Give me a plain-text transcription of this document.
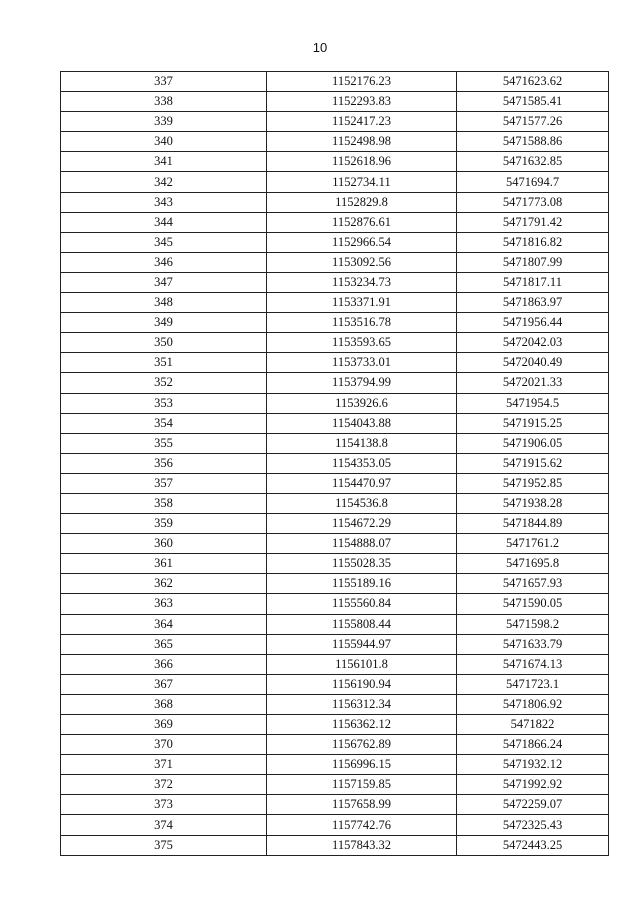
10
337	1152176.23	5471623.62
338	1152293.83	5471585.41
339	1152417.23	5471577.26
340	1152498.98	5471588.86
341	1152618.96	5471632.85
342	1152734.11	5471694.7
343	1152829.8	5471773.08
344	1152876.61	5471791.42
345	1152966.54	5471816.82
346	1153092.56	5471807.99
347	1153234.73	5471817.11
348	1153371.91	5471863.97
349	1153516.78	5471956.44
350	1153593.65	5472042.03
351	1153733.01	5472040.49
352	1153794.99	5472021.33
353	1153926.6	5471954.5
354	1154043.88	5471915.25
355	1154138.8	5471906.05
356	1154353.05	5471915.62
357	1154470.97	5471952.85
358	1154536.8	5471938.28
359	1154672.29	5471844.89
360	1154888.07	5471761.2
361	1155028.35	5471695.8
362	1155189.16	5471657.93
363	1155560.84	5471590.05
364	1155808.44	5471598.2
365	1155944.97	5471633.79
366	1156101.8	5471674.13
367	1156190.94	5471723.1
368	1156312.34	5471806.92
369	1156362.12	5471822
370	1156762.89	5471866.24
371	1156996.15	5471932.12
372	1157159.85	5471992.92
373	1157658.99	5472259.07
374	1157742.76	5472325.43
375	1157843.32	5472443.25
